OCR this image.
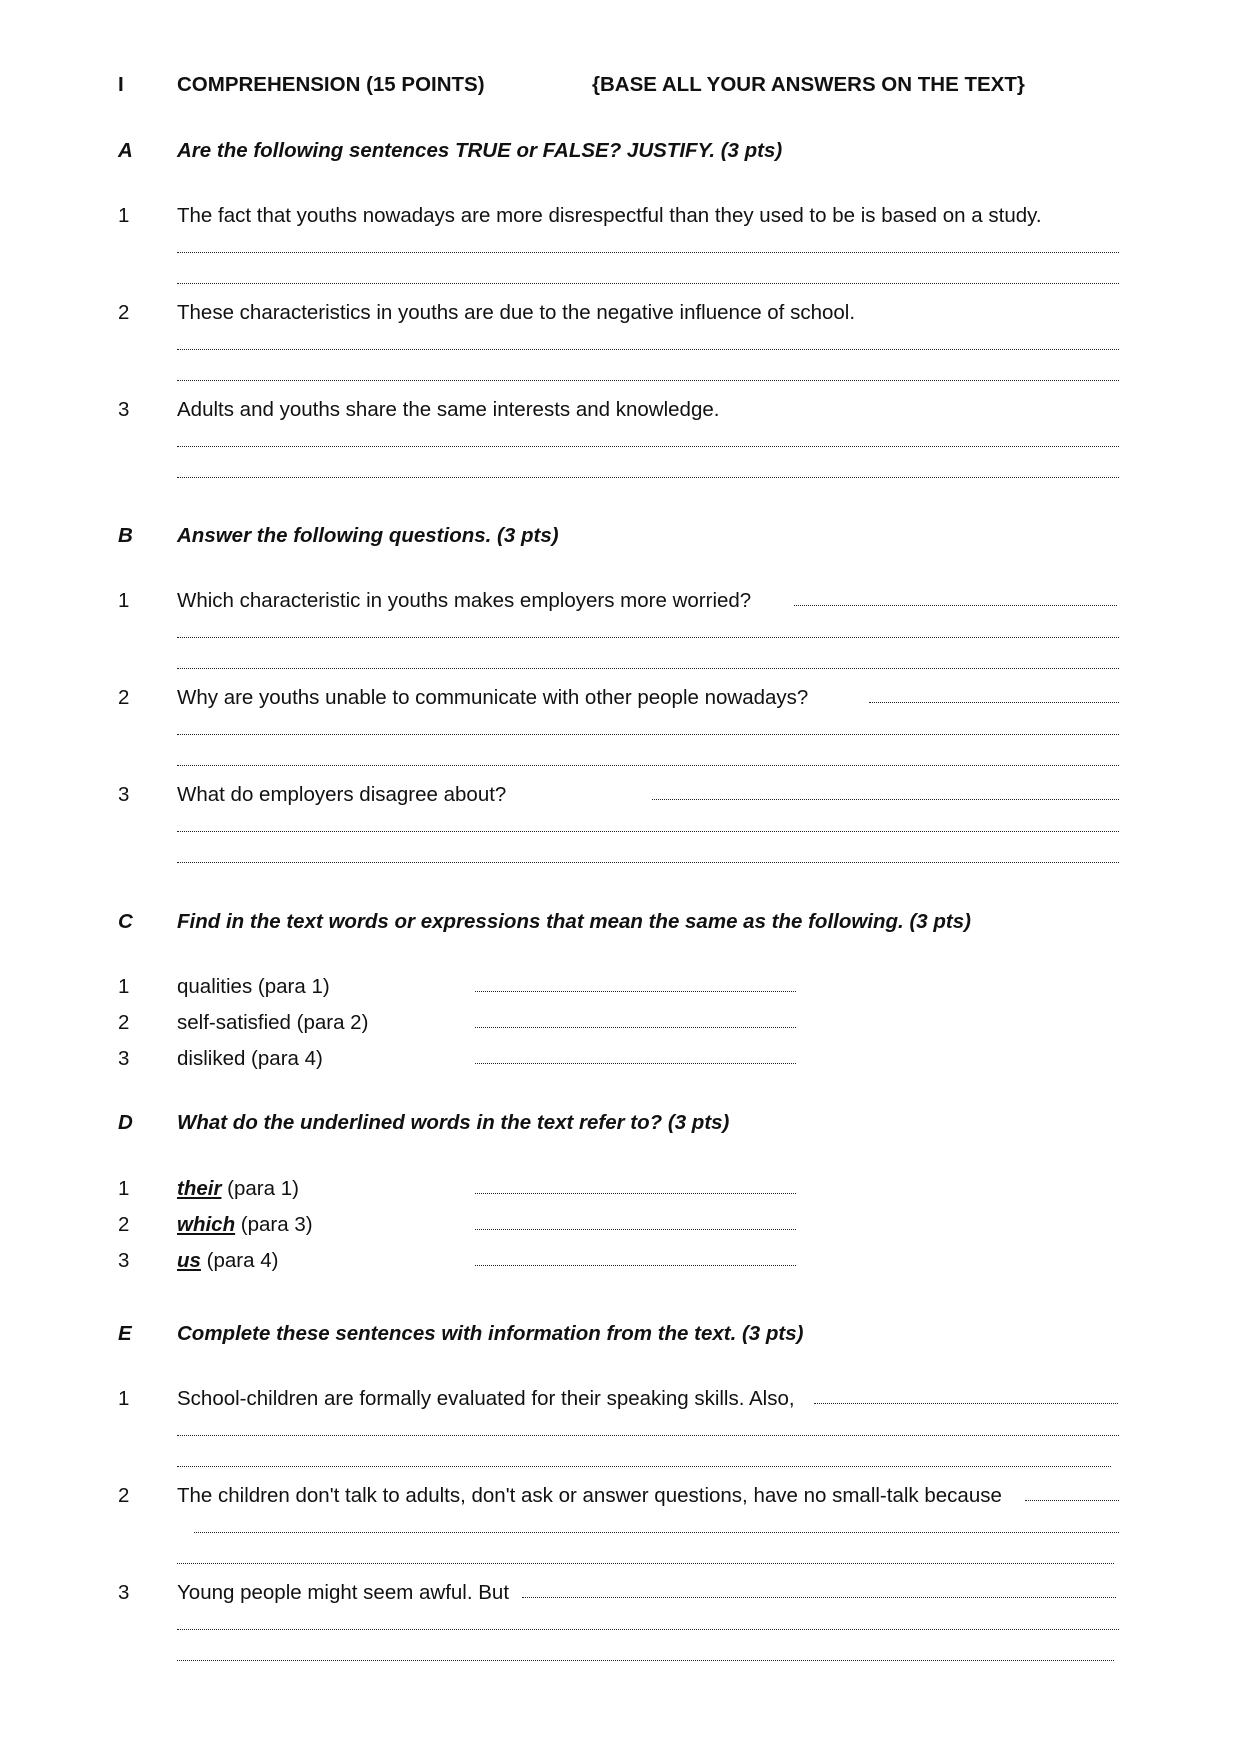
I	COMPREHENSION (15 POINTS)	{BASE ALL YOUR ANSWERS ON THE TEXT}
A Are the following sentences TRUE or FALSE? JUSTIFY. (3 pts)
1 The fact that youths nowadays are more disrespectful than they used to be is based on a study.
2 These characteristics in youths are due to the negative influence of school.
3 Adults and youths share the same interests and knowledge.
B Answer the following questions. (3 pts)
1 Which characteristic in youths makes employers more worried?
2 Why are youths unable to communicate with other people nowadays?
3 What do employers disagree about?
C Find in the text words or expressions that mean the same as the following. (3 pts)
1 qualities (para 1)
2 self-satisfied (para 2)
3 disliked (para 4)
D What do the underlined words in the text refer to? (3 pts)
1 their (para 1)
2 which (para 3)
3 us (para 4)
E Complete these sentences with information from the text. (3 pts)
1 School-children are formally evaluated for their speaking skills. Also,
2 The children don't talk to adults, don't ask or answer questions, have no small-talk because
3 Young people might seem awful. But
